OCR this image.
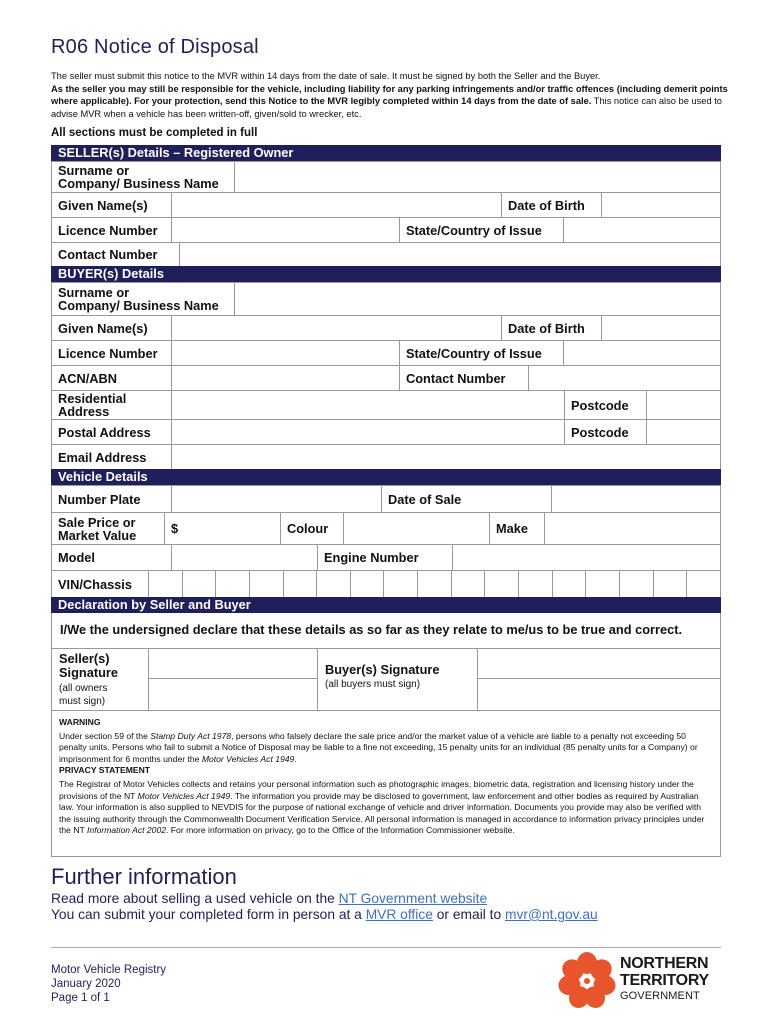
R06 Notice of Disposal
The seller must submit this notice to the MVR within 14 days from the date of sale. It must be signed by both the Seller and the Buyer.
As the seller you may still be responsible for the vehicle, including liability for any parking infringements and/or traffic offences (including demerit points where applicable). For your protection, send this Notice to the MVR legibly completed within 14 days from the date of sale. This notice can also be used to advise MVR when a vehicle has been written-off, given/sold to wrecker, etc.
All sections must be completed in full
SELLER(s) Details – Registered Owner
Surname or
Company/ Business Name	
Given Name(s)		Date of Birth	
Licence Number		State/Country of Issue	
Contact Number	
BUYER(s) Details
Surname or
Company/ Business Name	
Given Name(s)		Date of Birth	
Licence Number		State/Country of Issue	
ACN/ABN		Contact Number	
Residential
Address		Postcode	
Postal Address		Postcode	
Email Address	
Vehicle Details
Number Plate		Date of Sale	
Sale Price or
Market Value	$	Colour		Make	
Model		Engine Number	
VIN/Chassis																	
Declaration by Seller and Buyer
I/We the undersigned declare that these details as so far as they relate to me/us to be true and correct.
Seller(s)
Signature
(all owners
must sign)
Buyer(s) Signature
(all buyers must sign)
WARNING
Under section 59 of the Stamp Duty Act 1978, persons who falsely declare the sale price and/or the market value of a vehicle are liable to a penalty not exceeding 50 penalty units. Persons who fail to submit a Notice of Disposal may be liable to a fine not exceeding, 15 penalty units for an individual (85 penalty units for a Company) or imprisonment for 6 months under the Motor Vehicles Act 1949.
PRIVACY STATEMENT
The Registrar of Motor Vehicles collects and retains your personal information such as photographic images, biometric data, registration and licensing history under the provisions of the NT Motor Vehicles Act 1949. The information you provide may be disclosed to government, law enforcement and other bodies as required by Australian law. Your information is also supplied to NEVDIS for the purpose of national exchange of vehicle and driver information. Documents you provide may also be verified with the issuing authority through the Commonwealth Document Verification Service. All personal information is managed in accordance to information privacy principles under the NT Information Act 2002. For more information on privacy, go to the Office of the Information Commissioner website.
Further information
Read more about selling a used vehicle on the NT Government website
You can submit your completed form in person at a MVR office or email to mvr@nt.gov.au
Motor Vehicle Registry
January 2020
Page 1 of 1
NORTHERN
TERRITORY
GOVERNMENT
